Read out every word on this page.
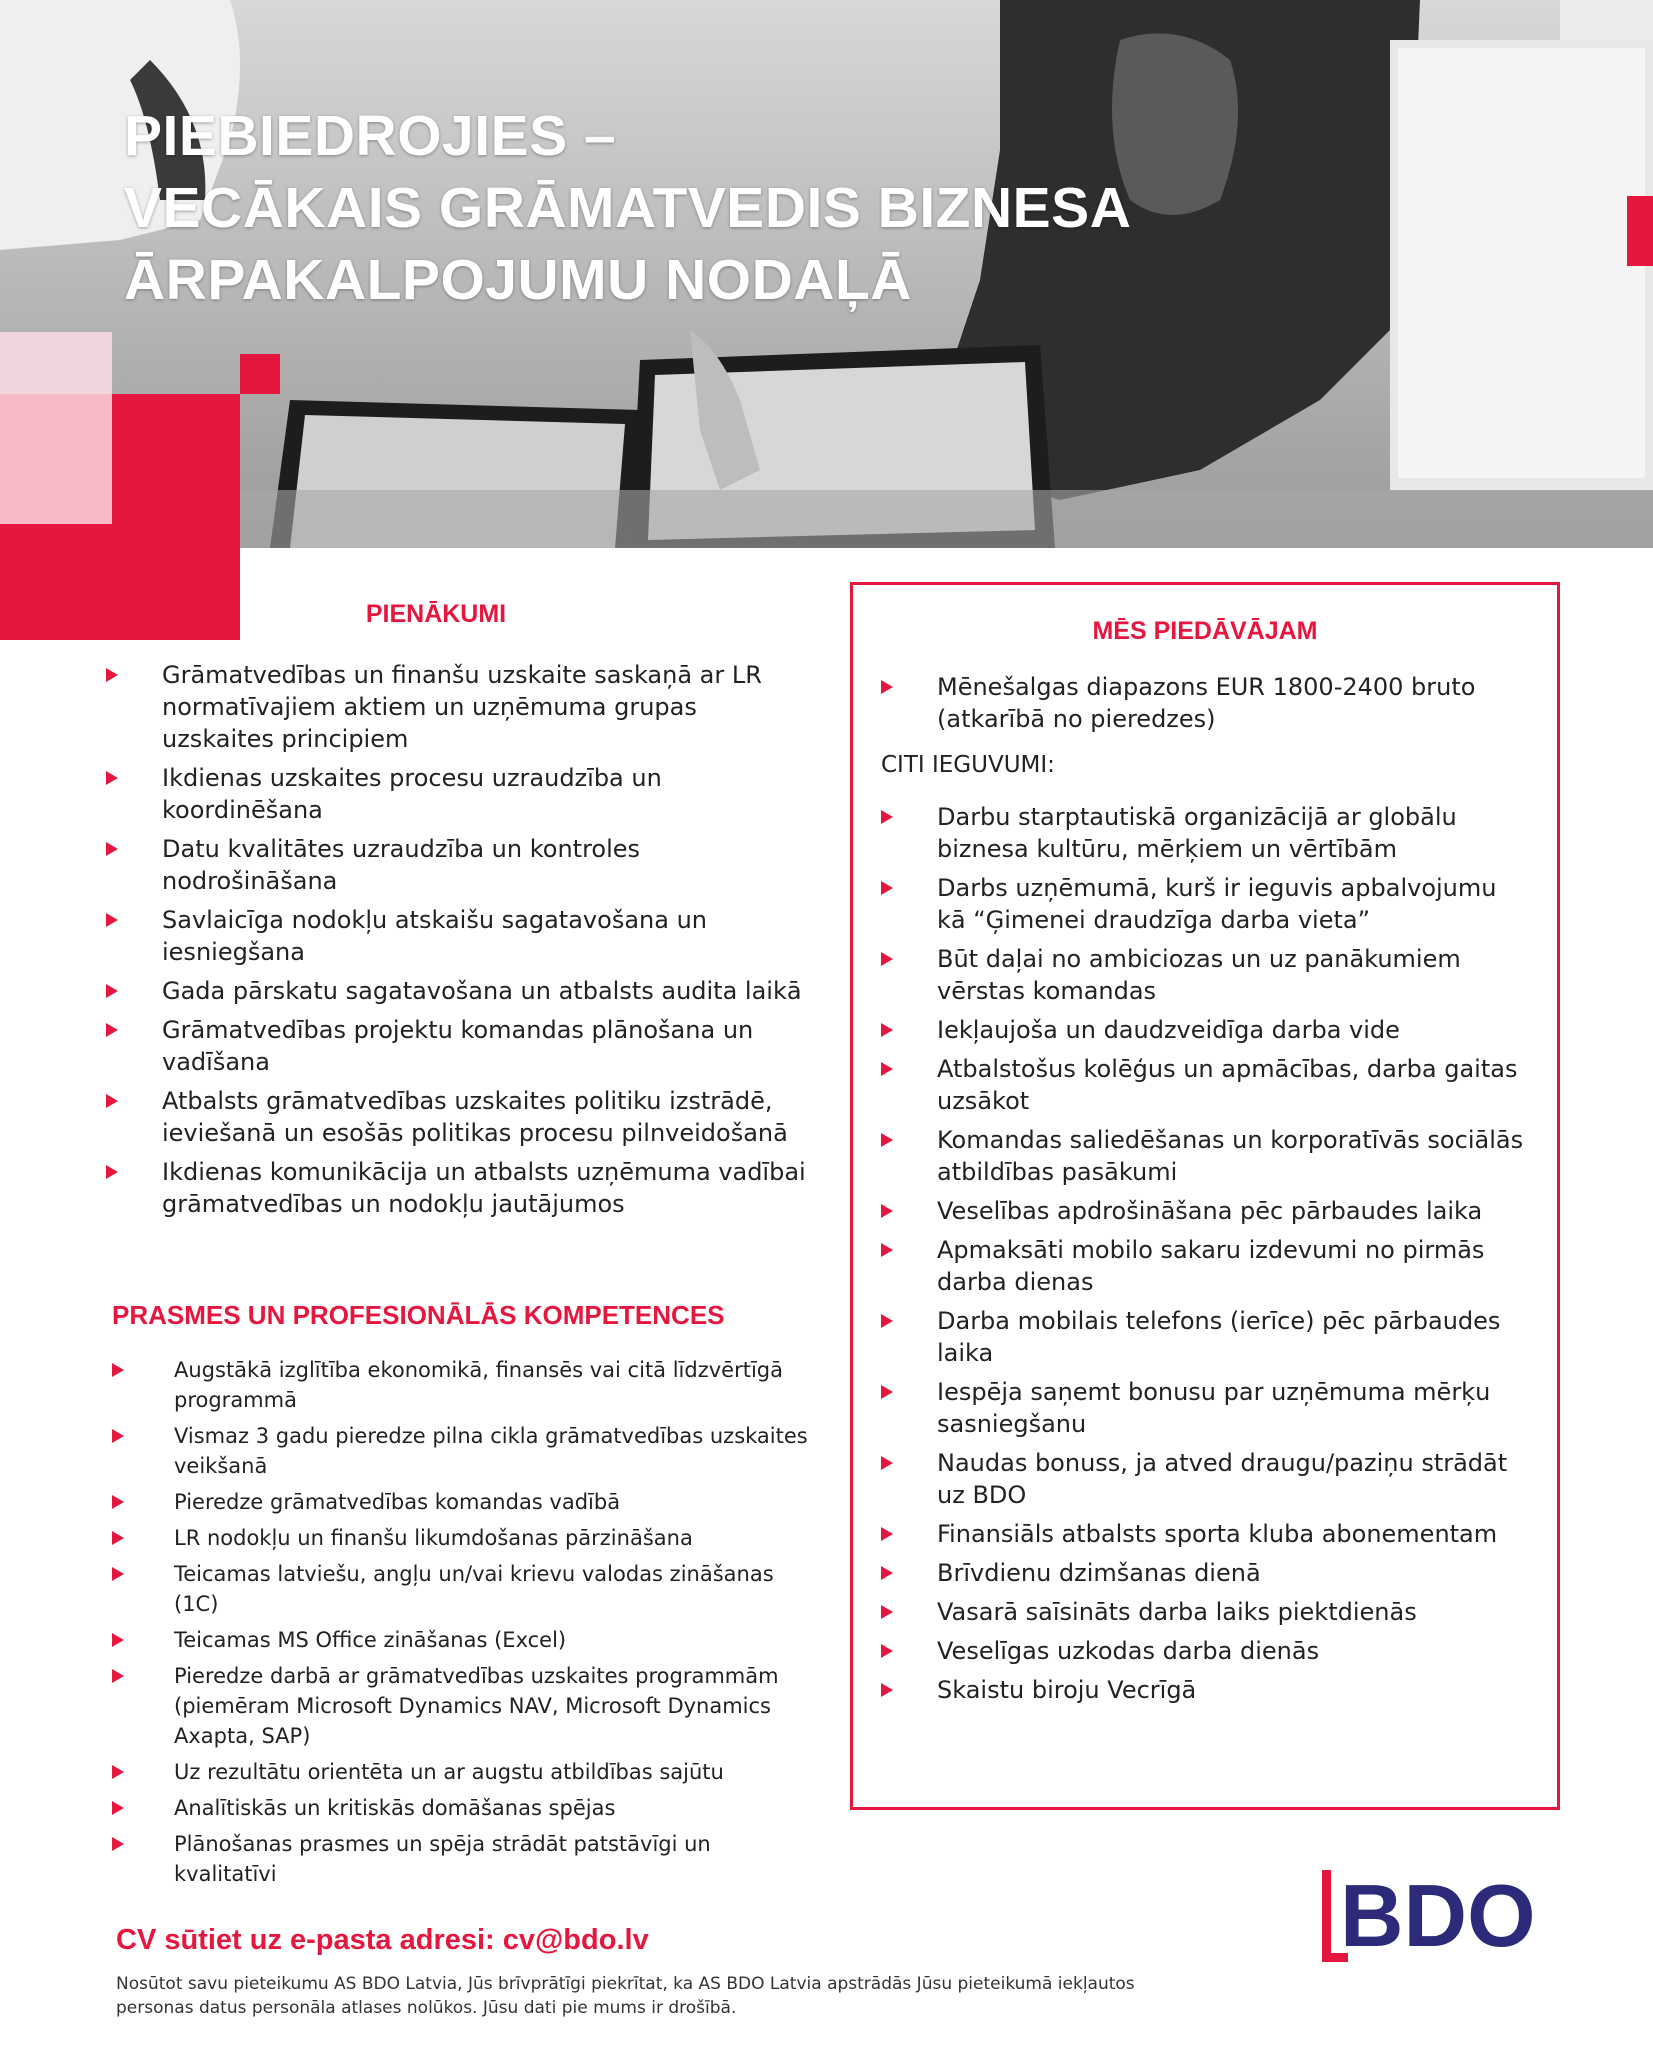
PIEBIEDROJIES –
VECĀKAIS GRĀMATVEDIS BIZNESA
ĀRPAKALPOJUMU NODAĻĀ
PIENĀKUMI
Grāmatvedības un finanšu uzskaite saskaņā ar LR normatīvajiem aktiem un uzņēmuma grupas uzskaites principiem
Ikdienas uzskaites procesu uzraudzība un koordinēšana
Datu kvalitātes uzraudzība un kontroles nodrošināšana
Savlaicīga nodokļu atskaišu sagatavošana un iesniegšana
Gada pārskatu sagatavošana un atbalsts audita laikā
Grāmatvedības projektu komandas plānošana un vadīšana
Atbalsts grāmatvedības uzskaites politiku izstrādē, ieviešanā un esošās politikas procesu pilnveidošanā
Ikdienas komunikācija un atbalsts uzņēmuma vadībai grāmatvedības un nodokļu jautājumos
PRASMES UN PROFESIONĀLĀS KOMPETENCES
Augstākā izglītība ekonomikā, finansēs vai citā līdzvērtīgā programmā
Vismaz 3 gadu pieredze pilna cikla grāmatvedības uzskaites veikšanā
Pieredze grāmatvedības komandas vadībā
LR nodokļu un finanšu likumdošanas pārzināšana
Teicamas latviešu, angļu un/vai krievu valodas zināšanas (1C)
Teicamas MS Office zināšanas (Excel)
Pieredze darbā ar grāmatvedības uzskaites programmām (piemēram Microsoft Dynamics NAV, Microsoft Dynamics Axapta, SAP)
Uz rezultātu orientēta un ar augstu atbildības sajūtu
Analītiskās un kritiskās domāšanas spējas
Plānošanas prasmes un spēja strādāt patstāvīgi un kvalitatīvi
MĒS PIEDĀVĀJAM
Mēnešalgas diapazons EUR 1800-2400 bruto (atkarībā no pieredzes)

CITI IEGUVUMI:

Darbu starptautiskā organizācijā ar globālu biznesa kultūru, mērķiem un vērtībām
Darbs uzņēmumā, kurš ir ieguvis apbalvojumu kā “Ģimenei draudzīga darba vieta”
Būt daļai no ambiciozas un uz panākumiem vērstas komandas
Iekļaujoša un daudzveidīga darba vide
Atbalstošus kolēģus un apmācības, darba gaitas uzsākot
Komandas saliedēšanas un korporatīvās sociālās atbildības pasākumi
Veselības apdrošināšana pēc pārbaudes laika
Apmaksāti mobilo sakaru izdevumi no pirmās darba dienas
Darba mobilais telefons (ierīce) pēc pārbaudes laika
Iespēja saņemt bonusu par uzņēmuma mērķu sasniegšanu
Naudas bonuss, ja atved draugu/paziņu strādāt uz BDO
Finansiāls atbalsts sporta kluba abonementam
Brīvdienu dzimšanas dienā
Vasarā saīsināts darba laiks piektdienās
Veselīgas uzkodas darba dienās
Skaistu biroju Vecrīgā

CV sūtiet uz e-pasta adresi: cv@bdo.lv

Nosūtot savu pieteikumu AS BDO Latvia, Jūs brīvprātīgi piekrītat, ka AS BDO Latvia apstrādās Jūsu pieteikumā iekļautos personas datus personāla atlases nolūkos. Jūsu dati pie mums ir drošībā.

BDO
